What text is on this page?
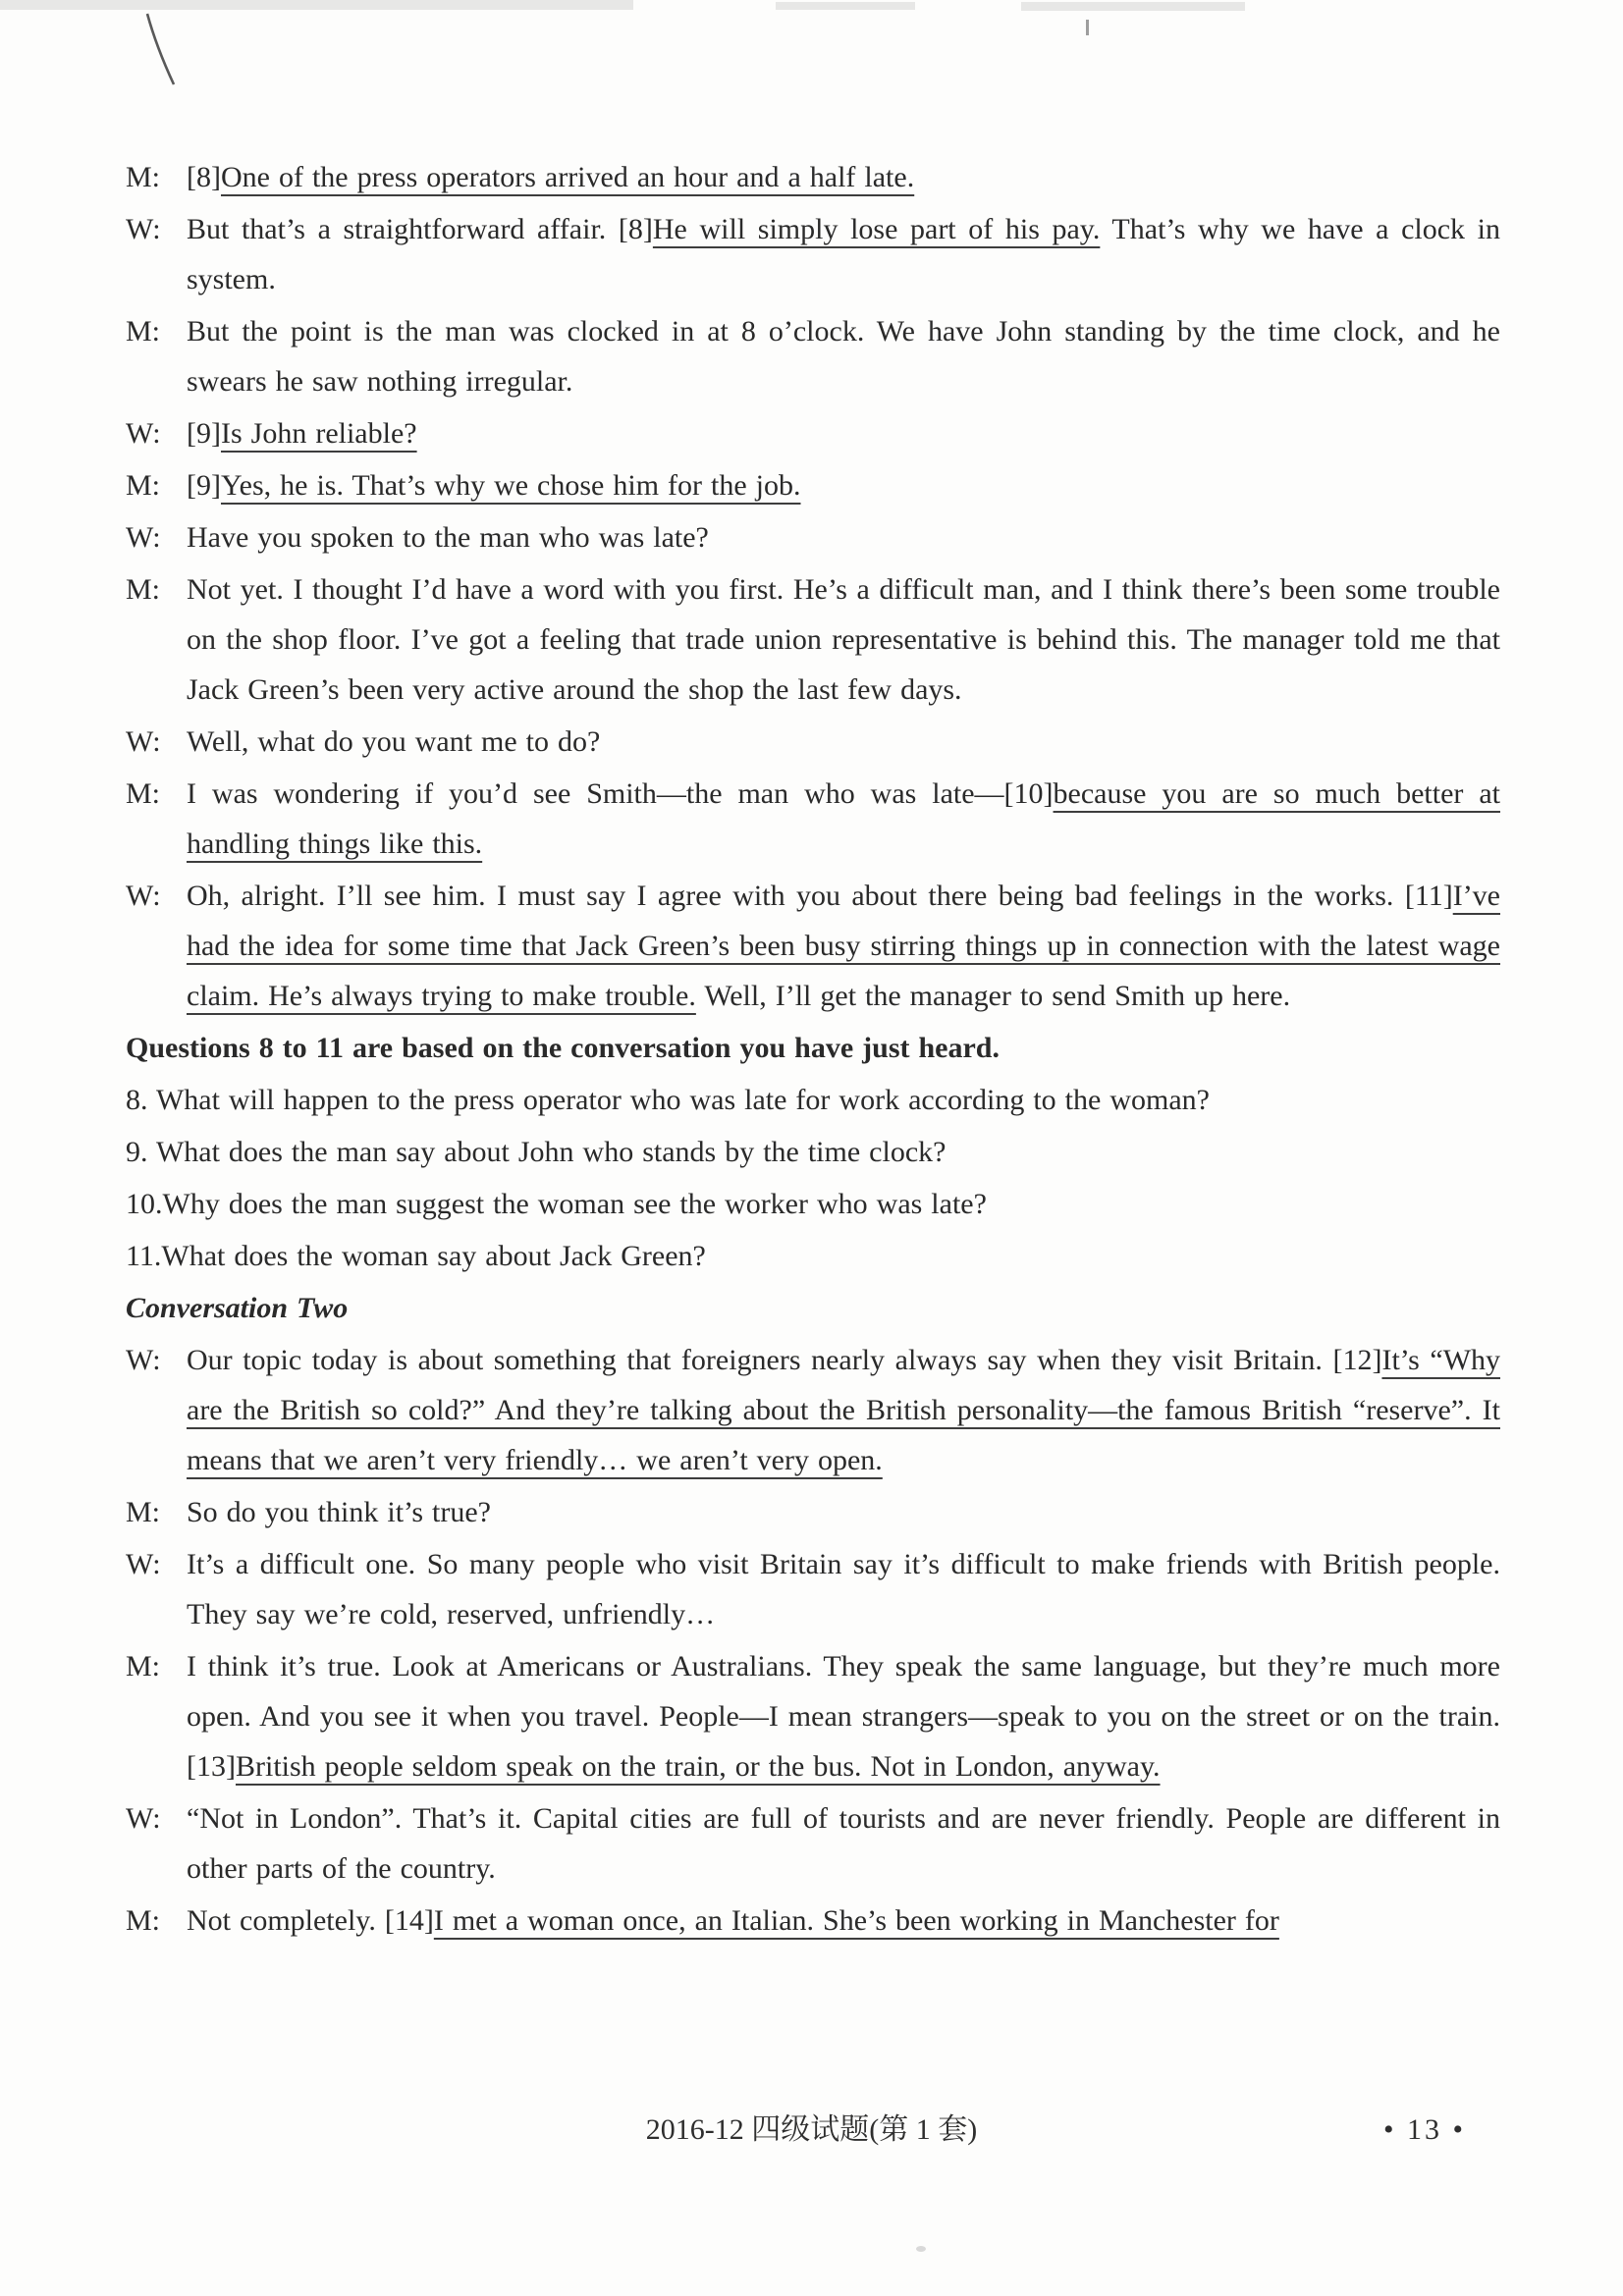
M: [8]One of the press operators arrived an hour and a half late.

W: But that’s a straightforward affair. [8]He will simply lose part of his pay. That’s why we have a clock in system.

M: But the point is the man was clocked in at 8 o’clock. We have John standing by the time clock, and he swears he saw nothing irregular.

W: [9]Is John reliable?

M: [9]Yes, he is. That’s why we chose him for the job.

W: Have you spoken to the man who was late?

M: Not yet. I thought I’d have a word with you first. He’s a difficult man, and I think there’s been some trouble on the shop floor. I’ve got a feeling that trade union representative is behind this. The manager told me that Jack Green’s been very active around the shop the last few days.

W: Well, what do you want me to do?

M: I was wondering if you’d see Smith—the man who was late—[10]because you are so much better at handling things like this.

W: Oh, alright. I’ll see him. I must say I agree with you about there being bad feelings in the works. [11]I’ve had the idea for some time that Jack Green’s been busy stirring things up in connection with the latest wage claim. He’s always trying to make trouble. Well, I’ll get the manager to send Smith up here.

Questions 8 to 11 are based on the conversation you have just heard.

8. What will happen to the press operator who was late for work according to the woman?

9. What does the man say about John who stands by the time clock?

10.Why does the man suggest the woman see the worker who was late?

11.What does the woman say about Jack Green?

Conversation Two

W: Our topic today is about something that foreigners nearly always say when they visit Britain. [12]It’s “Why are the British so cold?” And they’re talking about the British personality—the famous British “reserve”. It means that we aren’t very friendly… we aren’t very open.

M: So do you think it’s true?

W: It’s a difficult one. So many people who visit Britain say it’s difficult to make friends with British people. They say we’re cold, reserved, unfriendly…

M: I think it’s true. Look at Americans or Australians. They speak the same language, but they’re much more open. And you see it when you travel. People—I mean strangers—speak to you on the street or on the train. [13]British people seldom speak on the train, or the bus. Not in London, anyway.

W: “Not in London”. That’s it. Capital cities are full of tourists and are never friendly. People are different in other parts of the country.

M: Not completely. [14]I met a woman once, an Italian. She’s been working in Manchester for

2016-12 四级试题(第 1 套)	• 13 •
